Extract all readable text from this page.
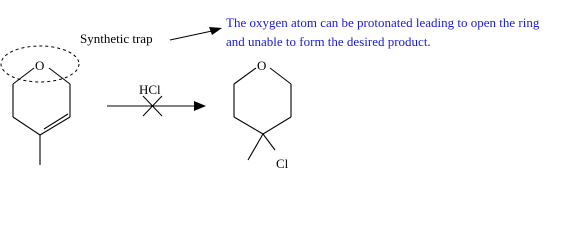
O
Synthetic trap
The oxygen atom can be protonated leading to open the ring
and unable to form the desired product.
HCl
O
Cl
